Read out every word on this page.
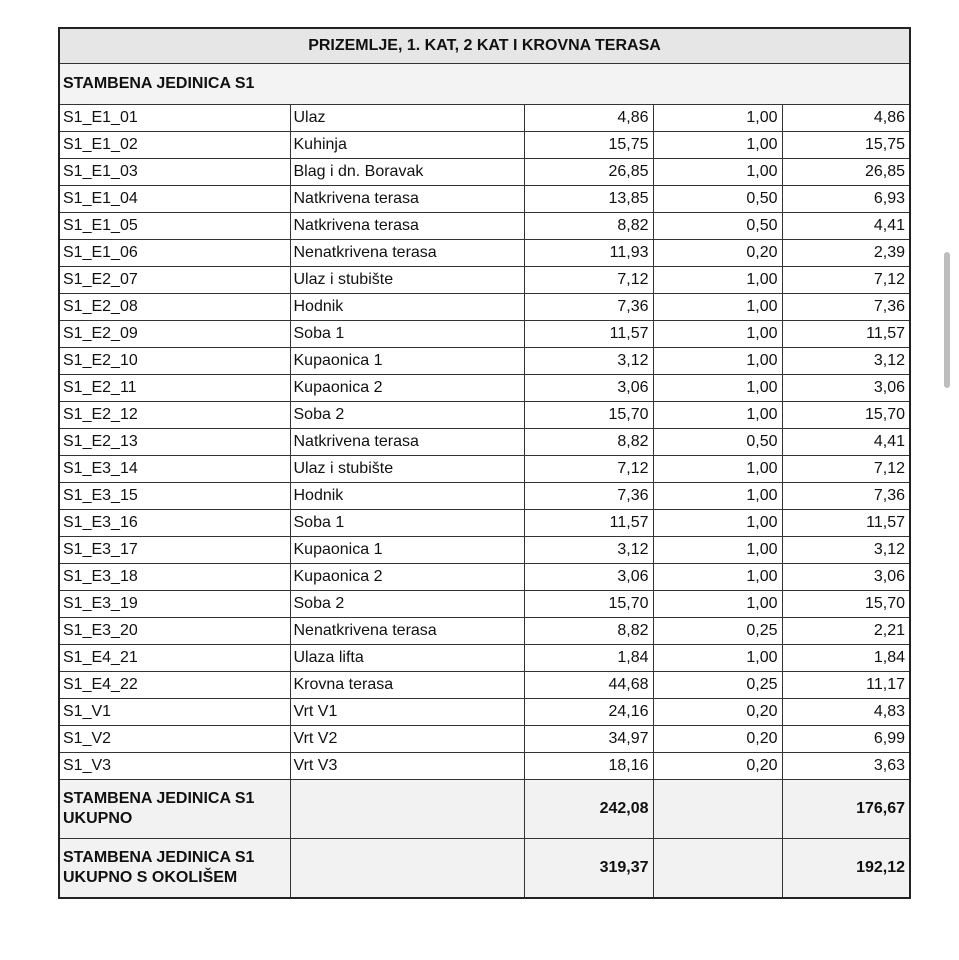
PRIZEMLJE, 1. KAT, 2 KAT I KROVNA TERASA				
STAMBENA JEDINICA S1				
S1_E1_01	Ulaz	4,86	1,00	4,86
S1_E1_02	Kuhinja	15,75	1,00	15,75
S1_E1_03	Blag i dn. Boravak	26,85	1,00	26,85
S1_E1_04	Natkrivena terasa	13,85	0,50	6,93
S1_E1_05	Natkrivena terasa	8,82	0,50	4,41
S1_E1_06	Nenatkrivena terasa	11,93	0,20	2,39
S1_E2_07	Ulaz i stubište	7,12	1,00	7,12
S1_E2_08	Hodnik	7,36	1,00	7,36
S1_E2_09	Soba 1	11,57	1,00	11,57
S1_E2_10	Kupaonica 1	3,12	1,00	3,12
S1_E2_11	Kupaonica 2	3,06	1,00	3,06
S1_E2_12	Soba 2	15,70	1,00	15,70
S1_E2_13	Natkrivena terasa	8,82	0,50	4,41
S1_E3_14	Ulaz i stubište	7,12	1,00	7,12
S1_E3_15	Hodnik	7,36	1,00	7,36
S1_E3_16	Soba 1	11,57	1,00	11,57
S1_E3_17	Kupaonica 1	3,12	1,00	3,12
S1_E3_18	Kupaonica 2	3,06	1,00	3,06
S1_E3_19	Soba 2	15,70	1,00	15,70
S1_E3_20	Nenatkrivena terasa	8,82	0,25	2,21
S1_E4_21	Ulaza lifta	1,84	1,00	1,84
S1_E4_22	Krovna terasa	44,68	0,25	11,17
S1_V1	Vrt V1	24,16	0,20	4,83
S1_V2	Vrt V2	34,97	0,20	6,99
S1_V3	Vrt V3	18,16	0,20	3,63

STAMBENA JEDINICA S1
UKUPNO		242,08		176,67

STAMBENA JEDINICA S1
UKUPNO S OKOLIŠEM		319,37		192,12
